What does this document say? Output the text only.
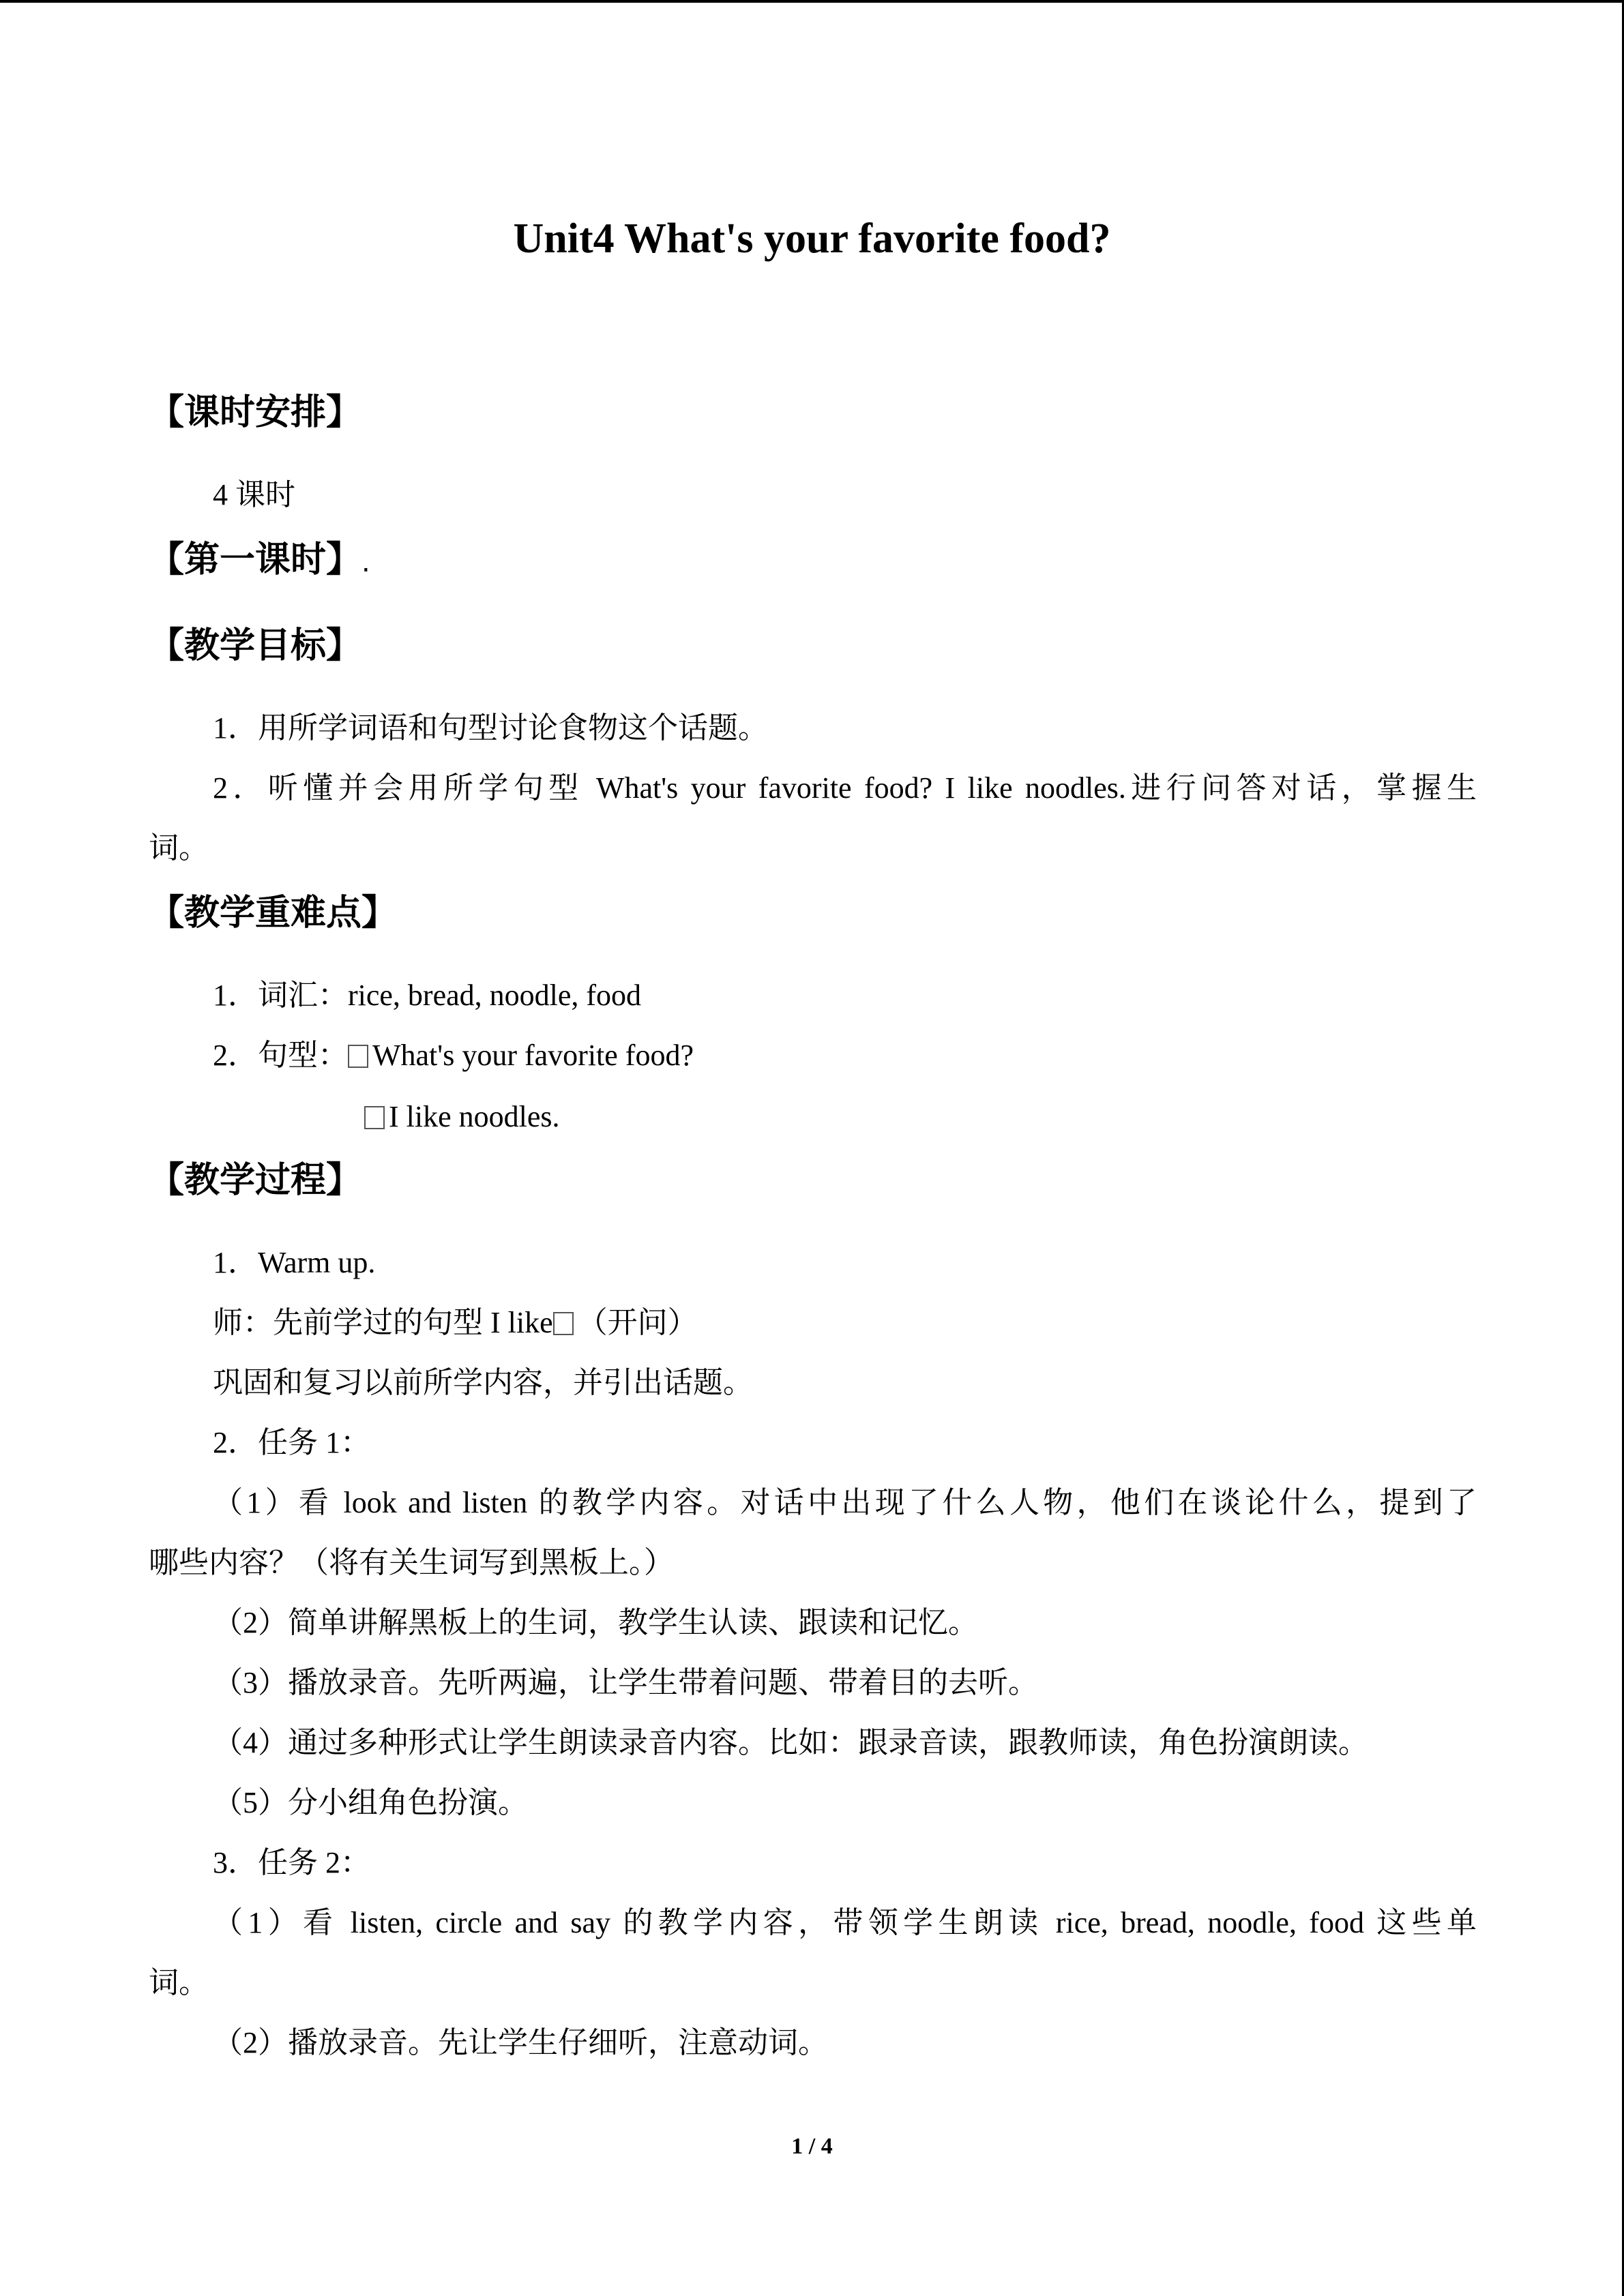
Unit4 What's your favorite food?
【课时安排】
4 课时
【第一课时】.
【教学目标】
1．用所学词语和句型讨论食物这个话题。
2．听懂并会用所学句型 What's your favorite food? I like noodles.进行问答对话，掌握生
词。
【教学重难点】
1．词汇：rice, bread, noodle, food
2．句型： What's your favorite food?
I like noodles.
【教学过程】
1．Warm up.
师：先前学过的句型 I like （开问）
巩固和复习以前所学内容，并引出话题。
2．任务 1：
（1）看 look and listen 的教学内容。对话中出现了什么人物，他们在谈论什么，提到了
哪些内容？（将有关生词写到黑板上。）
（2）简单讲解黑板上的生词，教学生认读、跟读和记忆。
（3）播放录音。先听两遍，让学生带着问题、带着目的去听。
（4）通过多种形式让学生朗读录音内容。比如：跟录音读，跟教师读，角色扮演朗读。
（5）分小组角色扮演。
3．任务 2：
（1）看 listen, circle and say 的教学内容，带领学生朗读 rice, bread, noodle, food 这些单
词。
（2）播放录音。先让学生仔细听，注意动词。
1 / 4
